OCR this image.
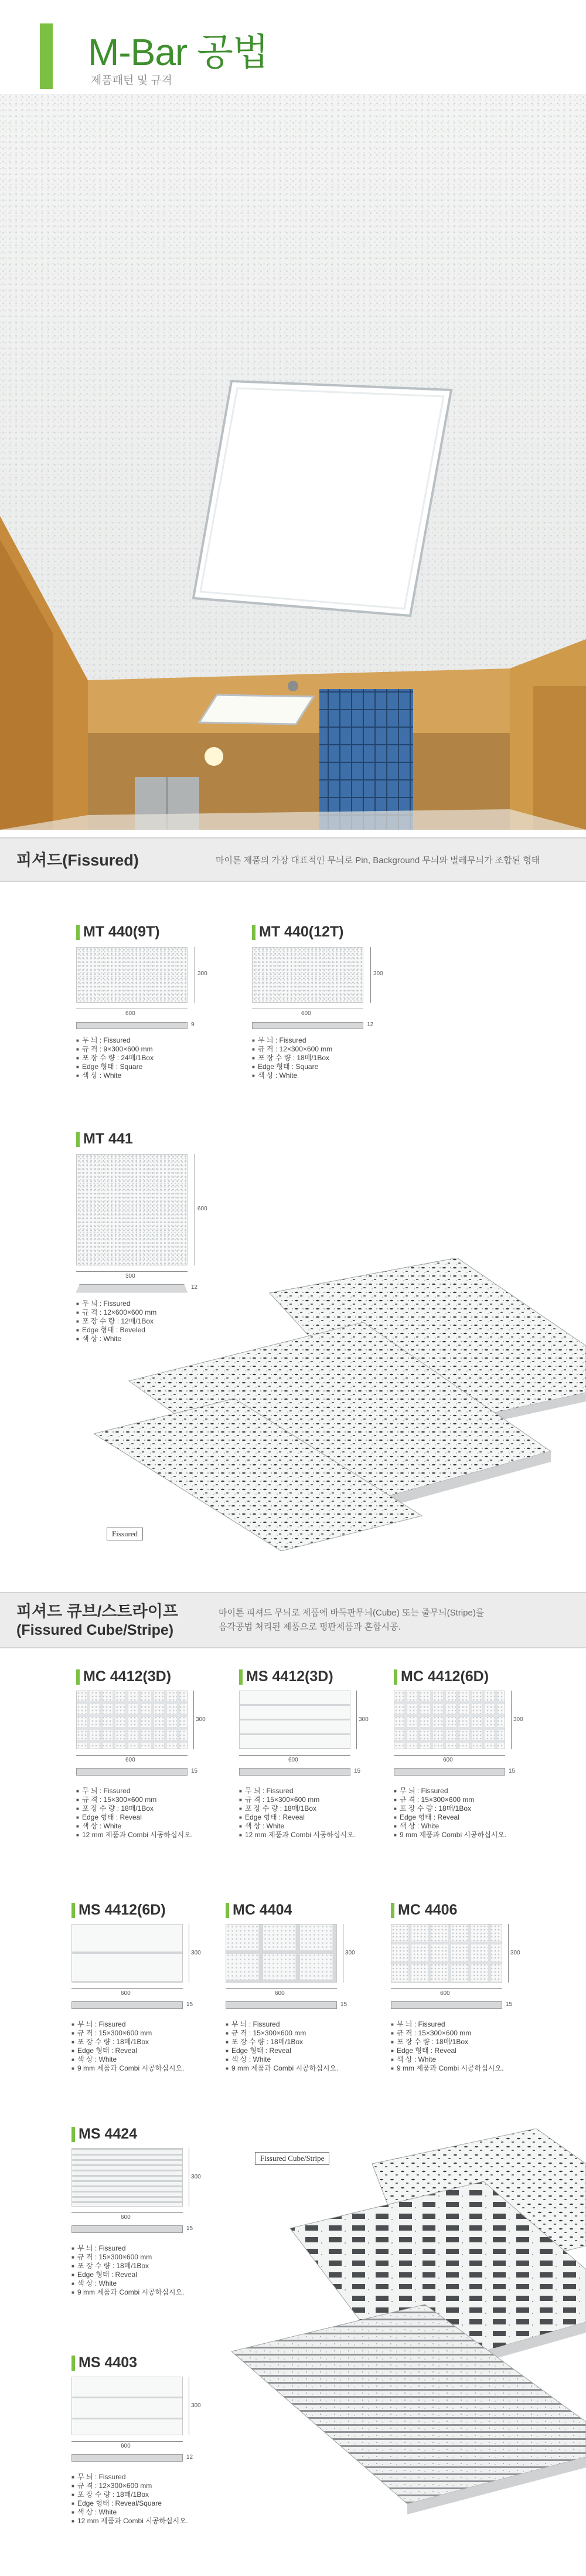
M-Bar 공법
제품패턴 및 규격
피셔드(Fissured)	마이톤 제품의 가장 대표적인 무늬로 Pin, Background 무늬와 벌레무늬가 조합된 형태
MT 440(9T)
300
600
9
■ 무 늬 : Fissured
■ 규 격 : 9×300×600 mm
■ 포 장 수 량 : 24매/1Box
■ Edge 형태 : Square
■ 색 상 : White
MT 440(12T)
300
600
12
■ 무 늬 : Fissured
■ 규 격 : 12×300×600 mm
■ 포 장 수 량 : 18매/1Box
■ Edge 형태 : Square
■ 색 상 : White
MT 441
600
300
12
■ 무 늬 : Fissured
■ 규 격 : 12×600×600 mm
■ 포 장 수 량 : 12매/1Box
■ Edge 형태 : Beveled
■ 색 상 : White
Fissured
피셔드 큐브/스트라이프
(Fissured Cube/Stripe)
마이톤 피셔드 무늬로 제품에 바둑판무늬(Cube) 또는 줄무늬(Stripe)를
음각공법 처리된 제품으로 평판제품과 혼합시공.
MC 4412(3D)
300
600
15
■ 무 늬 : Fissured
■ 규 격 : 15×300×600 mm
■ 포 장 수 량 : 18매/1Box
■ Edge 형태 : Reveal
■ 색 상 : White
■ 12 mm 제품과 Combi 시공하십시오.
MS 4412(3D)
300
600
15
■ 무 늬 : Fissured
■ 규 격 : 15×300×600 mm
■ 포 장 수 량 : 18매/1Box
■ Edge 형태 : Reveal
■ 색 상 : White
■ 12 mm 제품과 Combi 시공하십시오.
MC 4412(6D)
300
600
15
■ 무 늬 : Fissured
■ 규 격 : 15×300×600 mm
■ 포 장 수 량 : 18매/1Box
■ Edge 형태 : Reveal
■ 색 상 : White
■ 9 mm 제품과 Combi 시공하십시오.
MS 4412(6D)
300
600
15
■ 무 늬 : Fissured
■ 규 격 : 15×300×600 mm
■ 포 장 수 량 : 18매/1Box
■ Edge 형태 : Reveal
■ 색 상 : White
■ 9 mm 제품과 Combi 시공하십시오.
MC 4404
300
600
15
■ 무 늬 : Fissured
■ 규 격 : 15×300×600 mm
■ 포 장 수 량 : 18매/1Box
■ Edge 형태 : Reveal
■ 색 상 : White
■ 9 mm 제품과 Combi 시공하십시오.
MC 4406
300
600
15
■ 무 늬 : Fissured
■ 규 격 : 15×300×600 mm
■ 포 장 수 량 : 18매/1Box
■ Edge 형태 : Reveal
■ 색 상 : White
■ 9 mm 제품과 Combi 시공하십시오.
MS 4424
300
600
15
■ 무 늬 : Fissured
■ 규 격 : 15×300×600 mm
■ 포 장 수 량 : 18매/1Box
■ Edge 형태 : Reveal
■ 색 상 : White
■ 9 mm 제품과 Combi 시공하십시오.
MS 4403
300
600
12
■ 무 늬 : Fissured
■ 규 격 : 12×300×600 mm
■ 포 장 수 량 : 18매/1Box
■ Edge 형태 : Reveal/Square
■ 색 상 : White
■ 12 mm 제품과 Combi 시공하십시오.
Fissured Cube/Stripe
